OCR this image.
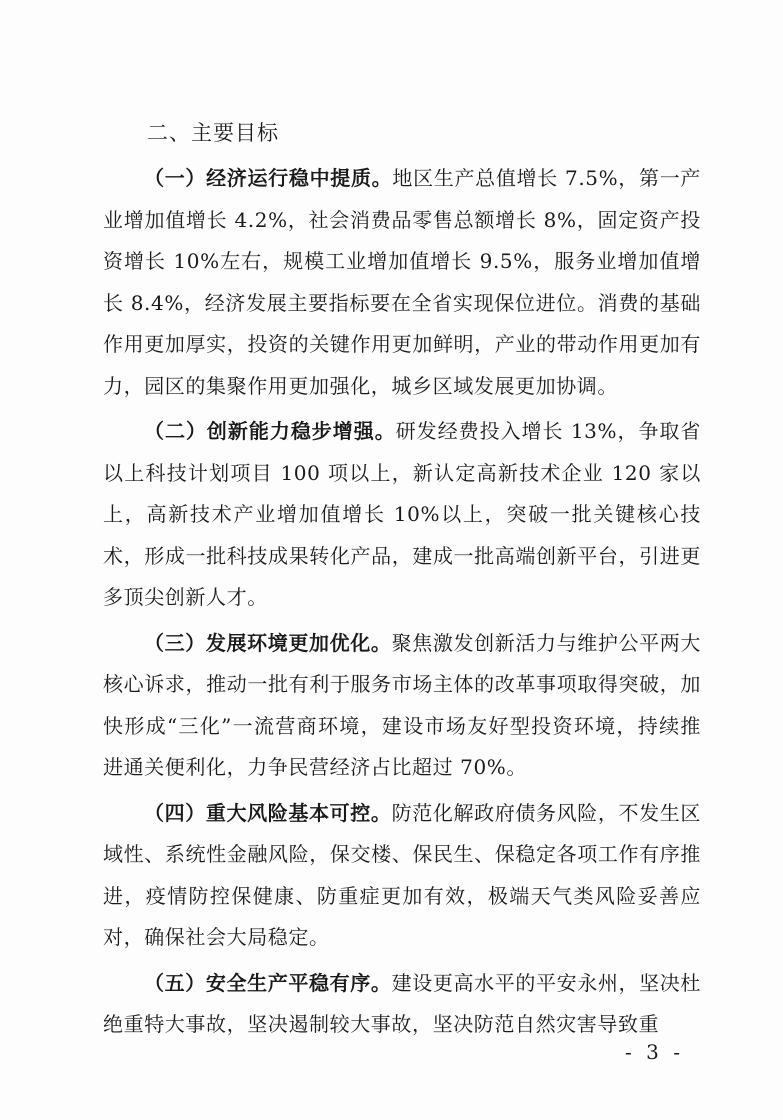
二、主要目标

（一）经济运行稳中提质。地区生产总值增长 7.5%，第一产业增加值增长 4.2%，社会消费品零售总额增长 8%，固定资产投资增长 10%左右，规模工业增加值增长 9.5%，服务业增加值增长 8.4%，经济发展主要指标要在全省实现保位进位。消费的基础作用更加厚实，投资的关键作用更加鲜明，产业的带动作用更加有力，园区的集聚作用更加强化，城乡区域发展更加协调。

（二）创新能力稳步增强。研发经费投入增长 13%，争取省以上科技计划项目 100 项以上，新认定高新技术企业 120 家以上，高新技术产业增加值增长 10%以上，突破一批关键核心技术，形成一批科技成果转化产品，建成一批高端创新平台，引进更多顶尖创新人才。

（三）发展环境更加优化。聚焦激发创新活力与维护公平两大核心诉求，推动一批有利于服务市场主体的改革事项取得突破，加快形成“三化”一流营商环境，建设市场友好型投资环境，持续推进通关便利化，力争民营经济占比超过 70%。

（四）重大风险基本可控。防范化解政府债务风险，不发生区域性、系统性金融风险，保交楼、保民生、保稳定各项工作有序推进，疫情防控保健康、防重症更加有效，极端天气类风险妥善应对，确保社会大局稳定。

（五）安全生产平稳有序。建设更高水平的平安永州，坚决杜绝重特大事故，坚决遏制较大事故，坚决防范自然灾害导致重

- 3 -
